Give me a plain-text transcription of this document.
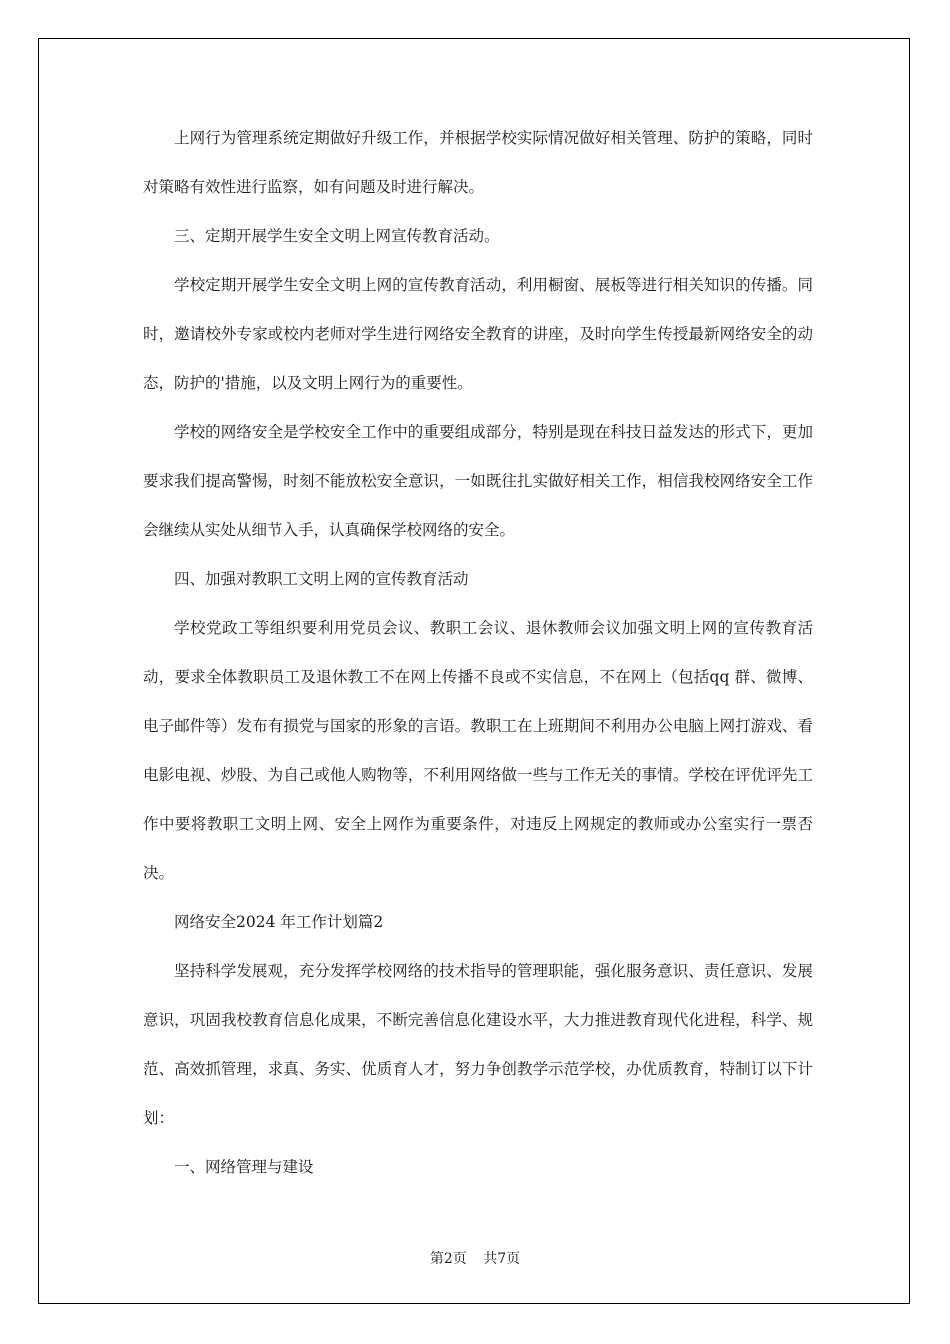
上网行为管理系统定期做好升级工作，并根据学校实际情况做好相关管理、防护的策略，同时对策略有效性进行监察，如有问题及时进行解决。

三、定期开展学生安全文明上网宣传教育活动。

学校定期开展学生安全文明上网的宣传教育活动，利用橱窗、展板等进行相关知识的传播。同时，邀请校外专家或校内老师对学生进行网络安全教育的讲座，及时向学生传授最新网络安全的动态，防护的'措施，以及文明上网行为的重要性。

学校的网络安全是学校安全工作中的重要组成部分，特别是现在科技日益发达的形式下，更加要求我们提高警惕，时刻不能放松安全意识，一如既往扎实做好相关工作，相信我校网络安全工作会继续从实处从细节入手，认真确保学校网络的安全。

四、加强对教职工文明上网的宣传教育活动

学校党政工等组织要利用党员会议、教职工会议、退休教师会议加强文明上网的宣传教育活动，要求全体教职员工及退休教工不在网上传播不良或不实信息，不在网上（包括qq 群、微博、电子邮件等）发布有损党与国家的形象的言语。教职工在上班期间不利用办公电脑上网打游戏、看电影电视、炒股、为自己或他人购物等，不利用网络做一些与工作无关的事情。学校在评优评先工作中要将教职工文明上网、安全上网作为重要条件，对违反上网规定的教师或办公室实行一票否决。

网络安全2024 年工作计划篇2

坚持科学发展观，充分发挥学校网络的技术指导的管理职能，强化服务意识、责任意识、发展意识，巩固我校教育信息化成果，不断完善信息化建设水平，大力推进教育现代化进程，科学、规范、高效抓管理，求真、务实、优质育人才，努力争创教学示范学校，办优质教育，特制订以下计划：

一、网络管理与建设

第2页 共7页
